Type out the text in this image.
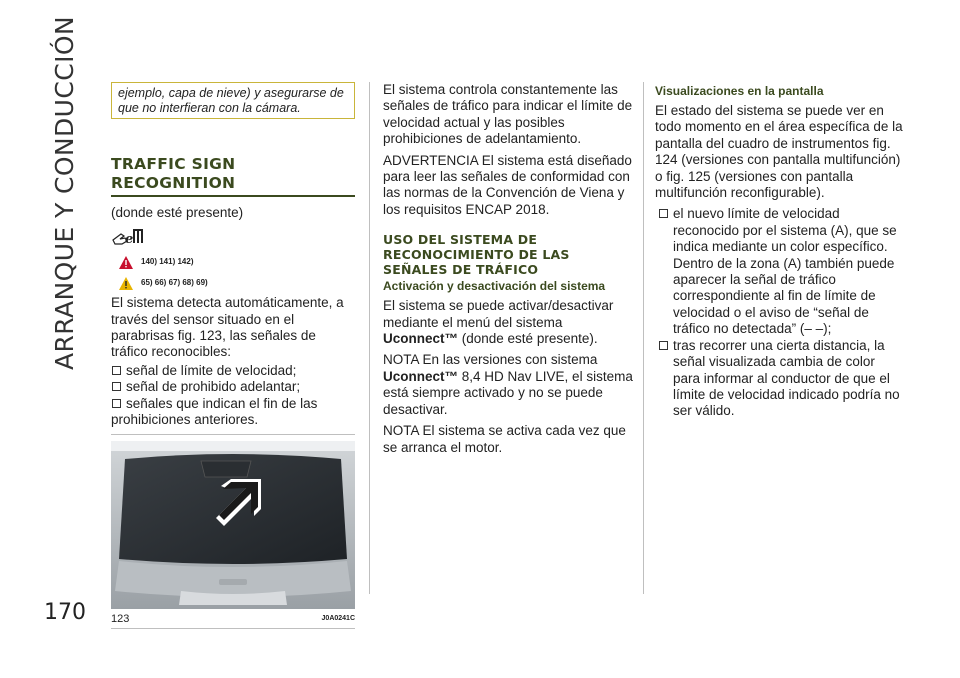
ARRANQUE Y CONDUCCIÓN
170
ejemplo, capa de nieve) y asegurarse de que no interfieran con la cámara.
TRAFFIC SIGN
RECOGNITION

(donde esté presente)

e
140) 141) 142)
65) 66) 67) 68) 69)

El sistema detecta automáticamente, a través del sensor situado en el parabrisas fig. 123, las señales de tráfico reconocibles:

señal de límite de velocidad;
señal de prohibido adelantar;
señales que indican el fin de las
prohibiciones anteriores.
123	J0A0241C

El sistema controla constantemente las señales de tráfico para indicar el límite de velocidad actual y las posibles prohibiciones de adelantamiento.

ADVERTENCIA El sistema está diseñado para leer las señales de conformidad con las normas de la Convención de Viena y los requisitos ENCAP 2018.

USO DEL SISTEMA DE
RECONOCIMIENTO DE LAS
SEÑALES DE TRÁFICO
Activación y desactivación del sistema

El sistema se puede activar/desactivar mediante el menú del sistema Uconnect™ (donde esté presente).

NOTA En las versiones con sistema Uconnect™ 8,4 HD Nav LIVE, el sistema está siempre activado y no se puede desactivar.

NOTA El sistema se activa cada vez que se arranca el motor.

Visualizaciones en la pantalla

El estado del sistema se puede ver en todo momento en el área específica de la pantalla del cuadro de instrumentos fig. 124 (versiones con pantalla multifunción) o fig. 125 (versiones con pantalla multifunción reconfigurable).

el nuevo límite de velocidad reconocido por el sistema (A), que se indica mediante un color específico. Dentro de la zona (A) también puede aparecer la señal de tráfico correspondiente al fin de límite de velocidad o el aviso de “señal de tráfico no detectada” (– –);
tras recorrer una cierta distancia, la señal visualizada cambia de color para informar al conductor de que el límite de velocidad indicado podría no ser válido.
